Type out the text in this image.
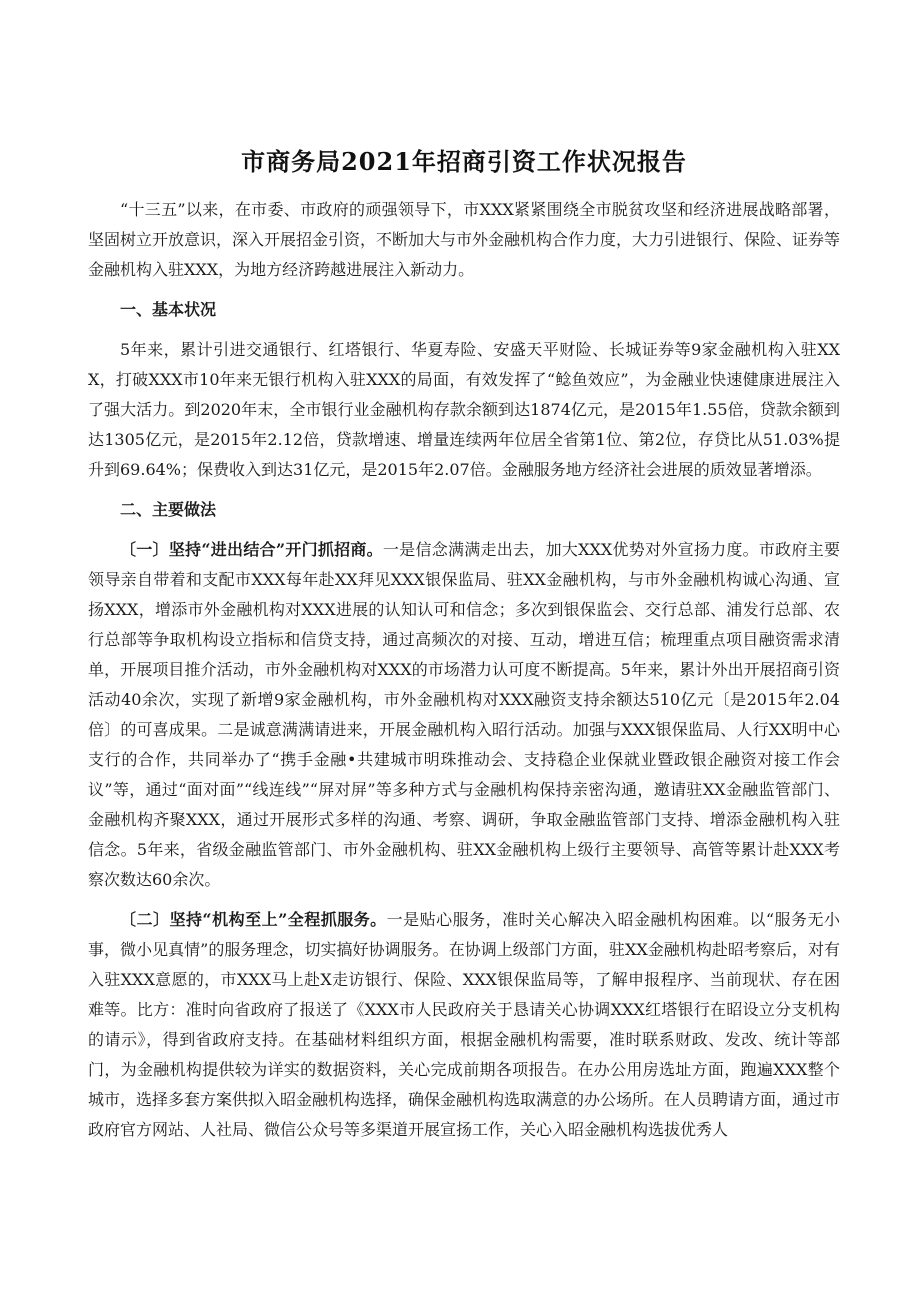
市商务局2021年招商引资工作状况报告

“十三五”以来，在市委、市政府的顽强领导下，市XXX紧紧围绕全市脱贫攻坚和经济进展战略部署，坚固树立开放意识，深入开展招金引资，不断加大与市外金融机构合作力度，大力引进银行、保险、证券等金融机构入驻XXX，为地方经济跨越进展注入新动力。

一、基本状况

5年来，累计引进交通银行、红塔银行、华夏寿险、安盛天平财险、长城证券等9家金融机构入驻XXX，打破XXX市10年来无银行机构入驻XXX的局面，有效发挥了“鲶鱼效应”，为金融业快速健康进展注入了强大活力。到2020年末，全市银行业金融机构存款余额到达1874亿元，是2015年1.55倍，贷款余额到达1305亿元，是2015年2.12倍，贷款增速、增量连续两年位居全省第1位、第2位，存贷比从51.03%提升到69.64%；保费收入到达31亿元，是2015年2.07倍。金融服务地方经济社会进展的质效显著增添。

二、主要做法

〔一〕坚持“进出结合”开门抓招商。一是信念满满走出去，加大XXX优势对外宣扬力度。市政府主要领导亲自带着和支配市XXX每年赴XX拜见XXX银保监局、驻XX金融机构，与市外金融机构诚心沟通、宣扬XXX，增添市外金融机构对XXX进展的认知认可和信念；多次到银保监会、交行总部、浦发行总部、农行总部等争取机构设立指标和信贷支持，通过高频次的对接、互动，增进互信；梳理重点项目融资需求清单，开展项目推介活动，市外金融机构对XXX的市场潜力认可度不断提高。5年来，累计外出开展招商引资活动40余次，实现了新增9家金融机构，市外金融机构对XXX融资支持余额达510亿元〔是2015年2.04倍〕的可喜成果。二是诚意满满请进来，开展金融机构入昭行活动。加强与XXX银保监局、人行XX明中心支行的合作，共同举办了“携手金融•共建城市明珠推动会、支持稳企业保就业暨政银企融资对接工作会议”等，通过“面对面”“线连线”“屏对屏”等多种方式与金融机构保持亲密沟通，邀请驻XX金融监管部门、金融机构齐聚XXX，通过开展形式多样的沟通、考察、调研，争取金融监管部门支持、增添金融机构入驻信念。5年来，省级金融监管部门、市外金融机构、驻XX金融机构上级行主要领导、高管等累计赴XXX考察次数达60余次。

〔二〕坚持“机构至上”全程抓服务。一是贴心服务，准时关心解决入昭金融机构困难。以“服务无小事，微小见真情”的服务理念，切实搞好协调服务。在协调上级部门方面，驻XX金融机构赴昭考察后，对有入驻XXX意愿的，市XXX马上赴X走访银行、保险、XXX银保监局等，了解申报程序、当前现状、存在困难等。比方：准时向省政府了报送了《XXX市人民政府关于恳请关心协调XXX红塔银行在昭设立分支机构的请示》，得到省政府支持。在基础材料组织方面，根据金融机构需要，准时联系财政、发改、统计等部门，为金融机构提供较为详实的数据资料，关心完成前期各项报告。在办公用房选址方面，跑遍XXX整个城市，选择多套方案供拟入昭金融机构选择，确保金融机构选取满意的办公场所。在人员聘请方面，通过市政府官方网站、人社局、微信公众号等多渠道开展宣扬工作，关心入昭金融机构选拔优秀人
